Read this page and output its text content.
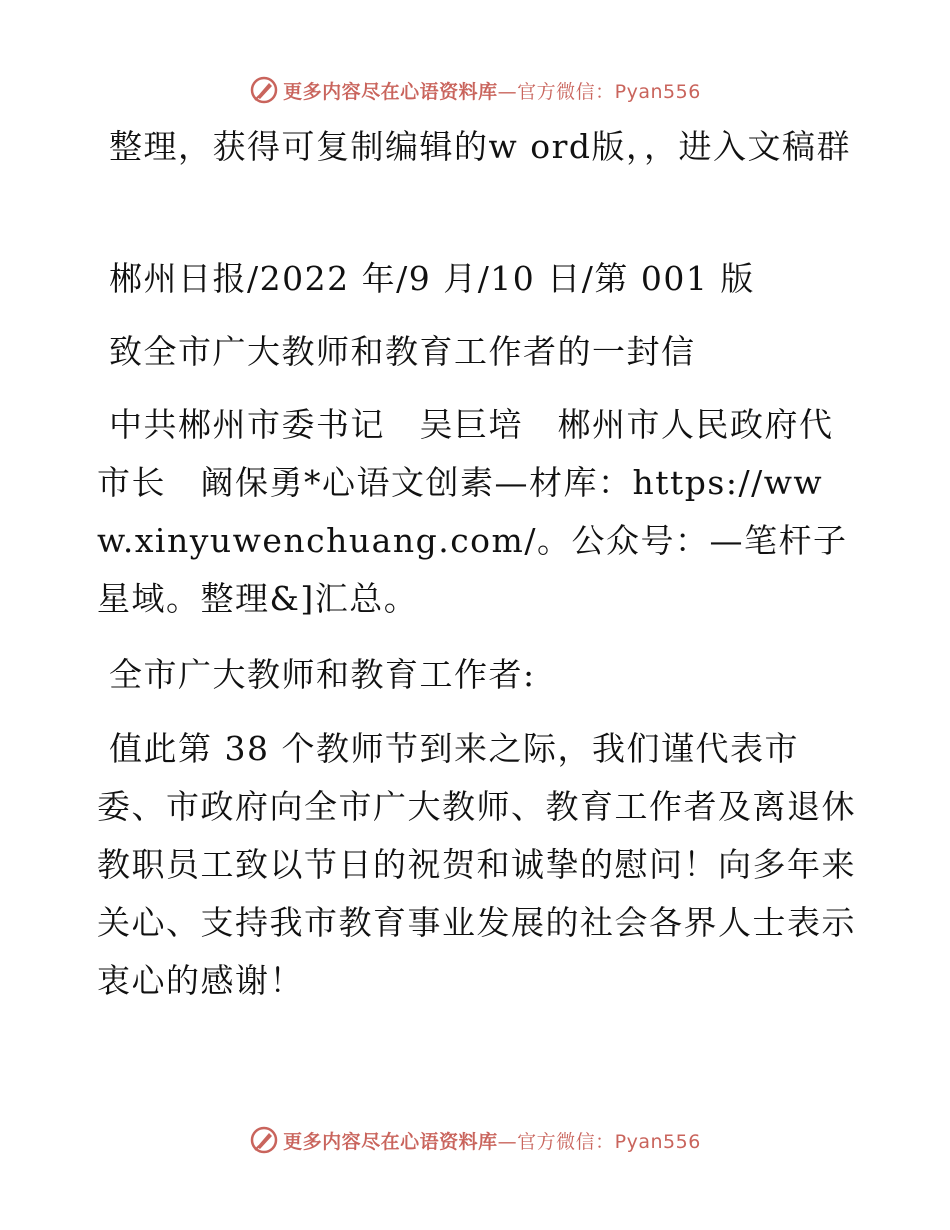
更多内容尽在心语资料库—官方微信：Pyan556

整理，获得可复制编辑的w ord版，，进入文稿群

郴州日报/2022 年/9 月/10 日/第 001 版

致全市广大教师和教育工作者的一封信

中共郴州市委书记　吴巨培　郴州市人民政府代市长　阚保勇*心语文创素—材库：https://www.xinyuwenchuang.com/。公众号：—笔杆子星域。整理&]汇总。

全市广大教师和教育工作者:

值此第 38 个教师节到来之际，我们谨代表市委、市政府向全市广大教师、教育工作者及离退休教职员工致以节日的祝贺和诚挚的慰问！向多年来关心、支持我市教育事业发展的社会各界人士表示衷心的感谢！

更多内容尽在心语资料库—官方微信：Pyan556
